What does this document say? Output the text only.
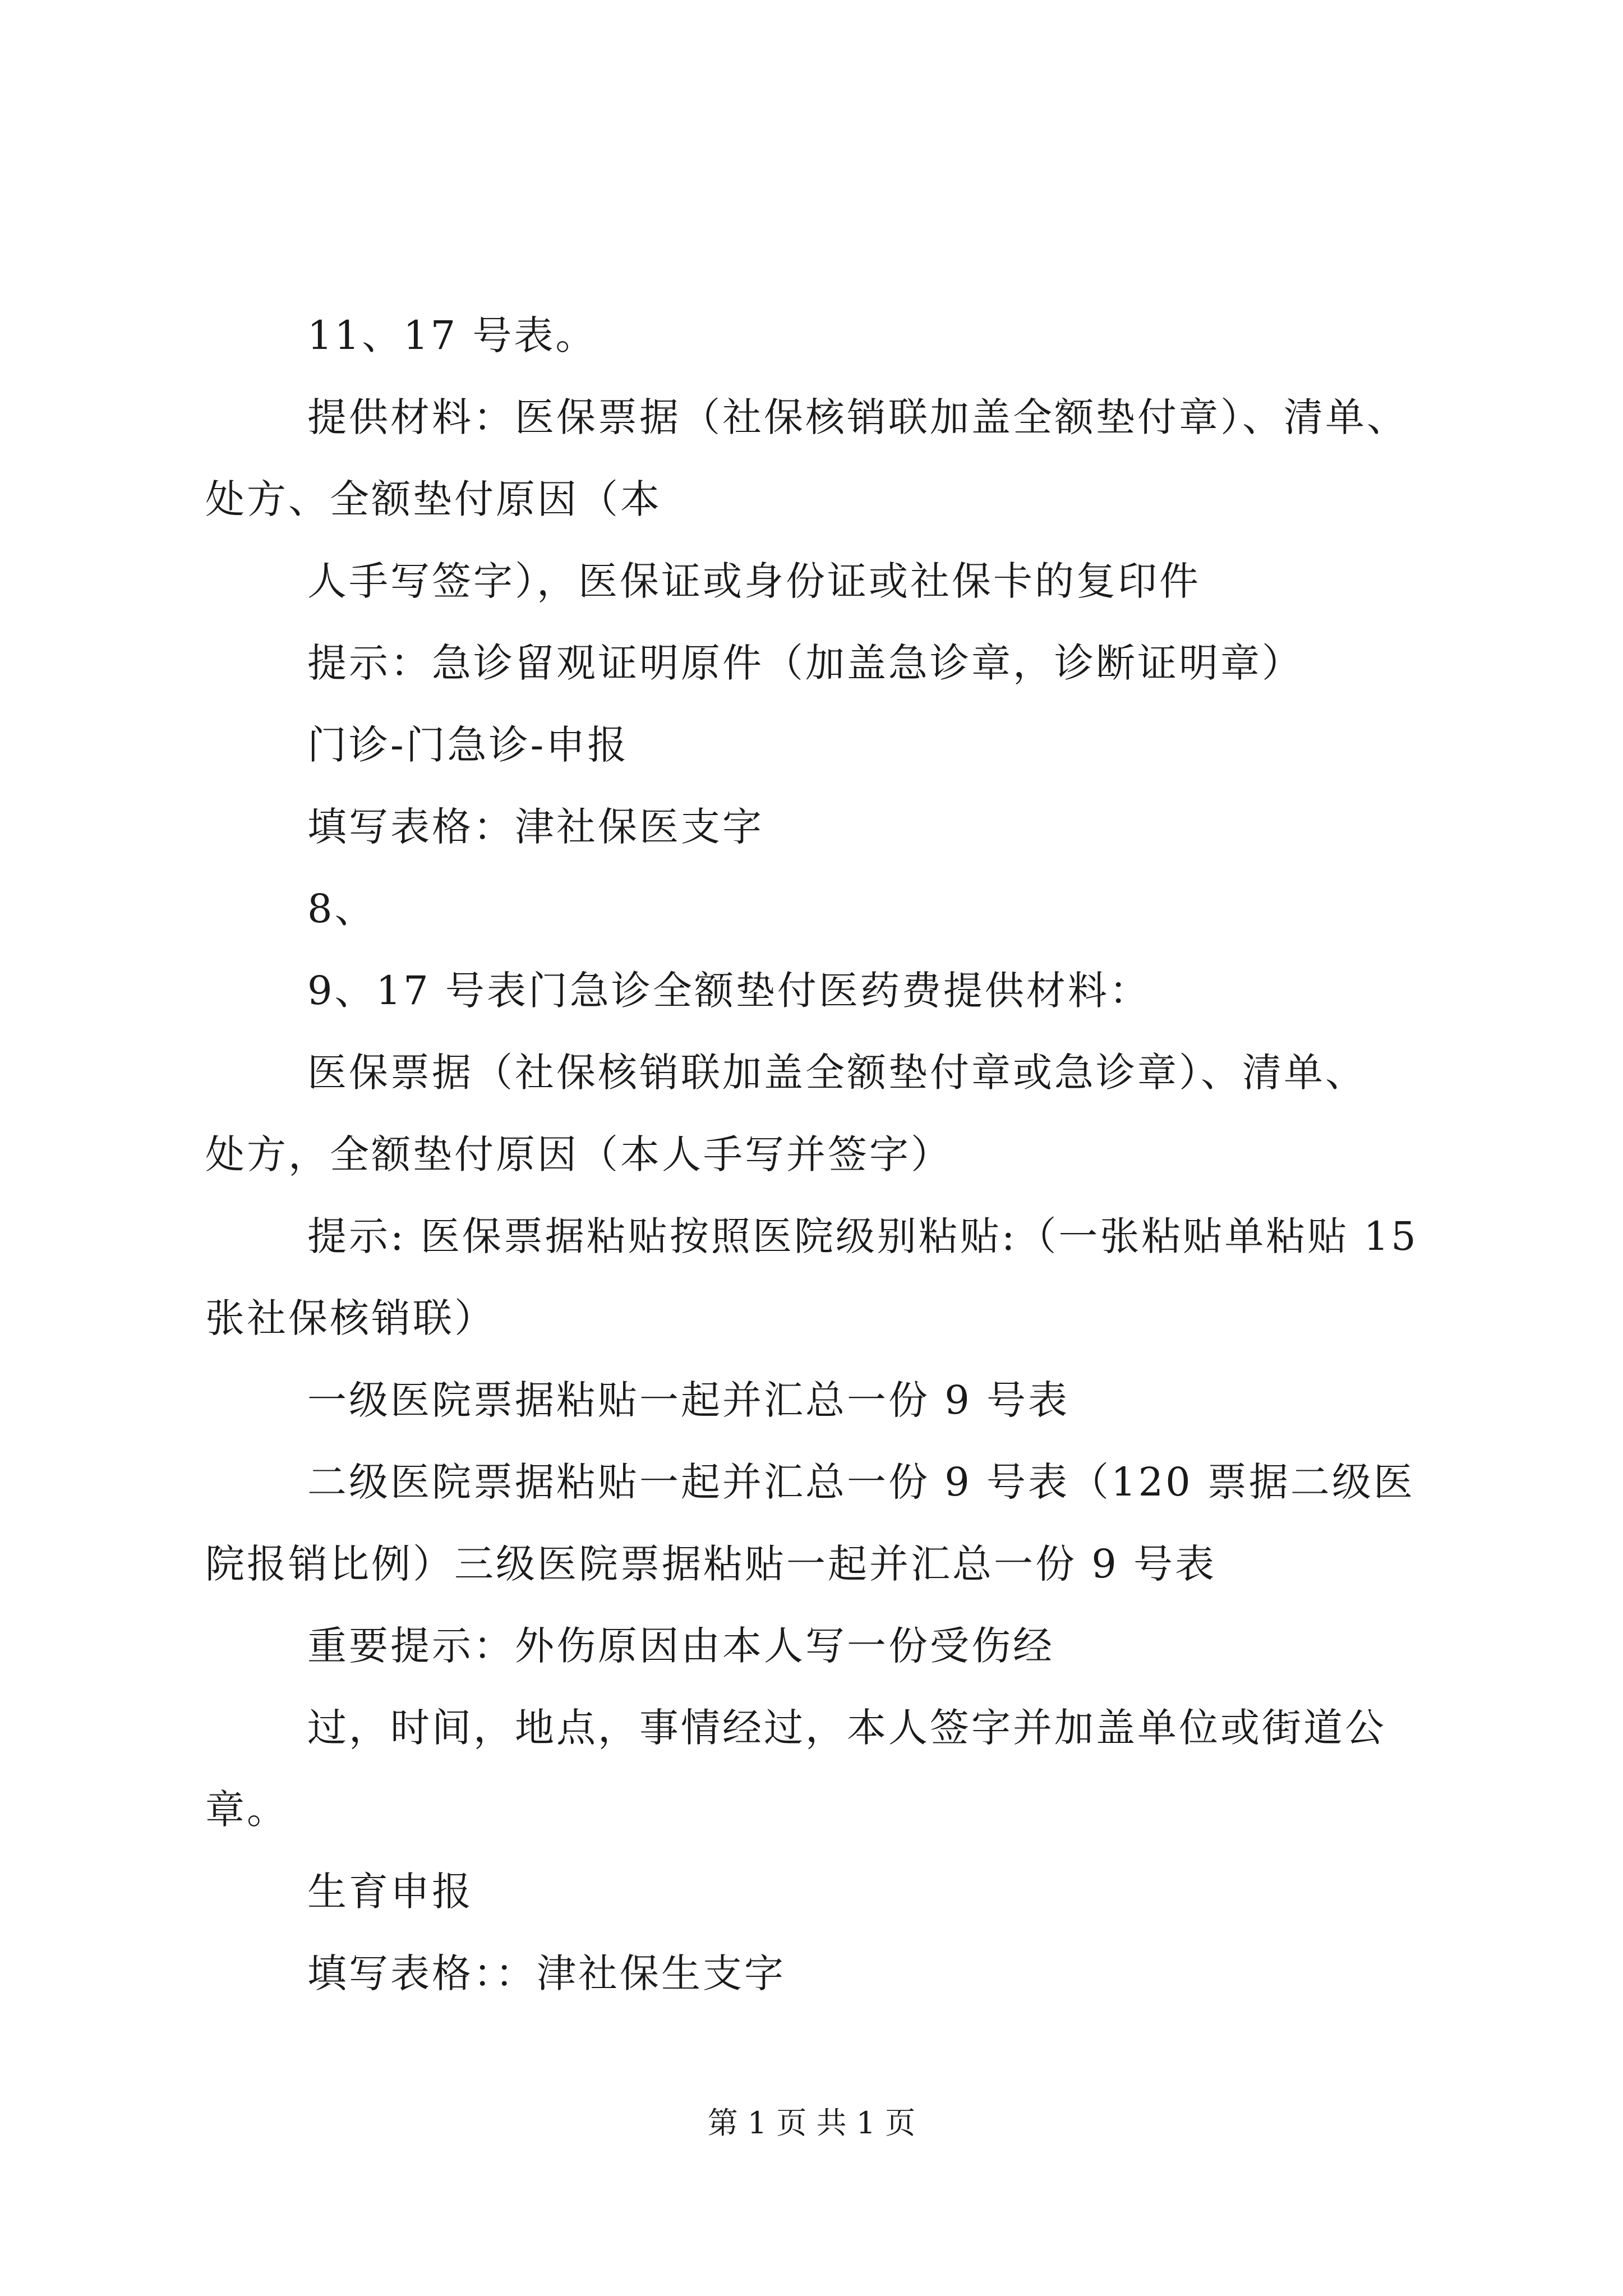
11、17 号表。
提供材料：医保票据（社保核销联加盖全额垫付章）、清单、
处方、全额垫付原因（本
人手写签字），医保证或身份证或社保卡的复印件
提示：急诊留观证明原件（加盖急诊章，诊断证明章）
门诊-门急诊-申报
填写表格：津社保医支字
8、
9、17 号表门急诊全额垫付医药费提供材料：
医保票据（社保核销联加盖全额垫付章或急诊章）、清单、
处方，全额垫付原因（本人手写并签字）
提示: 医保票据粘贴按照医院级别粘贴:（一张粘贴单粘贴 15
张社保核销联）
一级医院票据粘贴一起并汇总一份 9 号表
二级医院票据粘贴一起并汇总一份 9 号表（120 票据二级医
院报销比例）三级医院票据粘贴一起并汇总一份 9 号表
重要提示：外伤原因由本人写一份受伤经
过，时间，地点，事情经过，本人签字并加盖单位或街道公
章。
生育申报
填写表格：：津社保生支字
第 1 页 共 1 页
